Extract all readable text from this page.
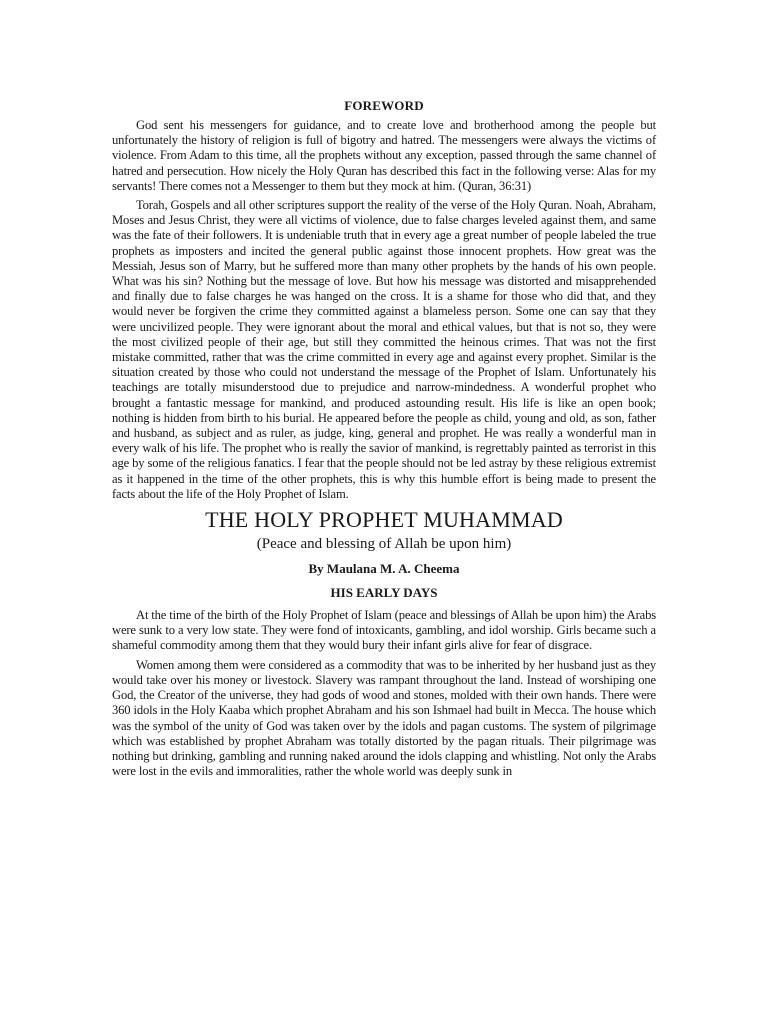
FOREWORD

God sent his messengers for guidance, and to create love and brotherhood among the people but unfortunately the history of religion is full of bigotry and hatred. The messengers were always the victims of violence. From Adam to this time, all the prophets without any exception, passed through the same channel of hatred and persecution. How nicely the Holy Quran has described this fact in the following verse: Alas for my servants! There comes not a Messenger to them but they mock at him. (Quran, 36:31)

Torah, Gospels and all other scriptures support the reality of the verse of the Holy Quran. Noah, Abraham, Moses and Jesus Christ, they were all victims of violence, due to false charges leveled against them, and same was the fate of their followers. It is undeniable truth that in every age a great number of people labeled the true prophets as imposters and incited the general public against those innocent prophets. How great was the Messiah, Jesus son of Marry, but he suffered more than many other prophets by the hands of his own people. What was his sin? Nothing but the message of love. But how his message was distorted and misapprehended and finally due to false charges he was hanged on the cross. It is a shame for those who did that, and they would never be forgiven the crime they committed against a blameless person. Some one can say that they were uncivilized people. They were ignorant about the moral and ethical values, but that is not so, they were the most civilized people of their age, but still they committed the heinous crimes. That was not the first mistake committed, rather that was the crime committed in every age and against every prophet. Similar is the situation created by those who could not understand the message of the Prophet of Islam. Unfortunately his teachings are totally misunderstood due to prejudice and narrow-mindedness. A wonderful prophet who brought a fantastic message for mankind, and produced astounding result. His life is like an open book; nothing is hidden from birth to his burial. He appeared before the people as child, young and old, as son, father and husband, as subject and as ruler, as judge, king, general and prophet. He was really a wonderful man in every walk of his life. The prophet who is really the savior of mankind, is regrettably painted as terrorist in this age by some of the religious fanatics. I fear that the people should not be led astray by these religious extremist as it happened in the time of the other prophets, this is why this humble effort is being made to present the facts about the life of the Holy Prophet of Islam.

THE HOLY PROPHET MUHAMMAD
(Peace and blessing of Allah be upon him)
By Maulana M. A. Cheema
HIS EARLY DAYS

At the time of the birth of the Holy Prophet of Islam (peace and blessings of Allah be upon him) the Arabs were sunk to a very low state. They were fond of intoxicants, gambling, and idol worship. Girls became such a shameful commodity among them that they would bury their infant girls alive for fear of disgrace.

Women among them were considered as a commodity that was to be inherited by her husband just as they would take over his money or livestock. Slavery was rampant throughout the land. Instead of worshiping one God, the Creator of the universe, they had gods of wood and stones, molded with their own hands. There were 360 idols in the Holy Kaaba which prophet Abraham and his son Ishmael had built in Mecca. The house which was the symbol of the unity of God was taken over by the idols and pagan customs. The system of pilgrimage which was established by prophet Abraham was totally distorted by the pagan rituals. Their pilgrimage was nothing but drinking, gambling and running naked around the idols clapping and whistling. Not only the Arabs were lost in the evils and immoralities, rather the whole world was deeply sunk in
